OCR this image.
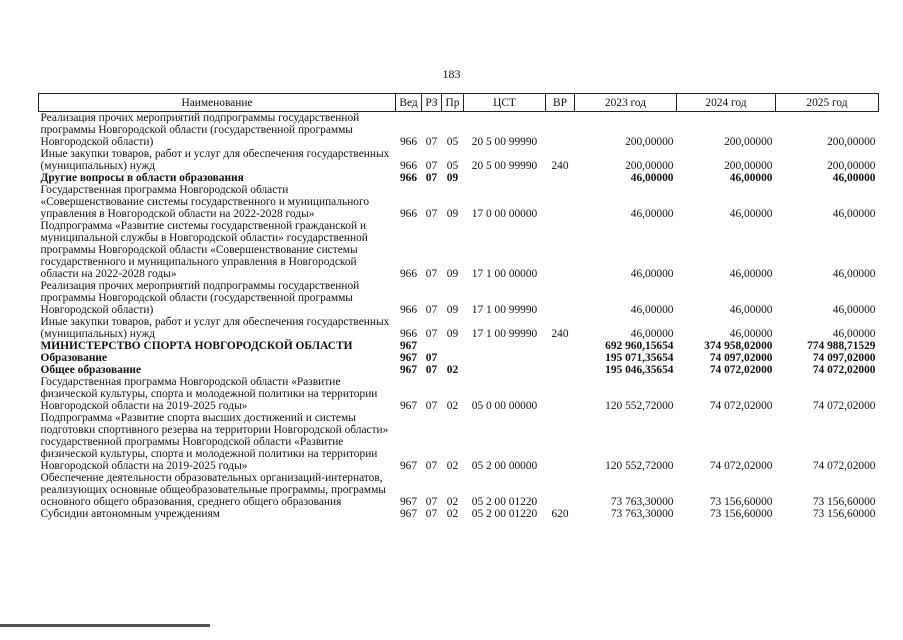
183
Наименование	Вед	РЗ	Пр	ЦСТ	ВР	2023 год	2024 год	2025 год
Реализация прочих мероприятий подпрограммы государственной программы Новгородской области (государственной программы Новгородской области)	966	07	05	20 5 00 99990		200,00000	200,00000	200,00000
Иные закупки товаров, работ и услуг для обеспечения государственных (муниципальных) нужд	966	07	05	20 5 00 99990	240	200,00000	200,00000	200,00000
Другие вопросы в области образования	966	07	09			46,00000	46,00000	46,00000
Государственная программа Новгородской области «Совершенствование системы государственного и муниципального управления в Новгородской области на 2022-2028 годы»	966	07	09	17 0 00 00000		46,00000	46,00000	46,00000
Подпрограмма «Развитие системы государственной гражданской и муниципальной службы в Новгородской области» государственной программы Новгородской области «Совершенствование системы государственного и муниципального управления в Новгородской области на 2022-2028 годы»	966	07	09	17 1 00 00000		46,00000	46,00000	46,00000
Реализация прочих мероприятий подпрограммы государственной программы Новгородской области (государственной программы Новгородской области)	966	07	09	17 1 00 99990		46,00000	46,00000	46,00000
Иные закупки товаров, работ и услуг для обеспечения государственных (муниципальных) нужд	966	07	09	17 1 00 99990	240	46,00000	46,00000	46,00000
МИНИСТЕРСТВО СПОРТА НОВГОРОДСКОЙ ОБЛАСТИ	967					692 960,15654	374 958,02000	774 988,71529
Образование	967	07				195 071,35654	74 097,02000	74 097,02000
Общее образование	967	07	02			195 046,35654	74 072,02000	74 072,02000
Государственная программа Новгородской области «Развитие физической культуры, спорта и молодежной политики на территории Новгородской области на 2019-2025 годы»	967	07	02	05 0 00 00000		120 552,72000	74 072,02000	74 072,02000
Подпрограмма «Развитие спорта высших достижений и системы подготовки спортивного резерва на территории Новгородской области» государственной программы Новгородской области «Развитие физической культуры, спорта и молодежной политики на территории Новгородской области на 2019-2025 годы»	967	07	02	05 2 00 00000		120 552,72000	74 072,02000	74 072,02000
Обеспечение деятельности образовательных организаций-интернатов, реализующих основные общеобразовательные программы, программы основного общего образования, среднего общего образования	967	07	02	05 2 00 01220		73 763,30000	73 156,60000	73 156,60000
Субсидии автономным учреждениям	967	07	02	05 2 00 01220	620	73 763,30000	73 156,60000	73 156,60000
